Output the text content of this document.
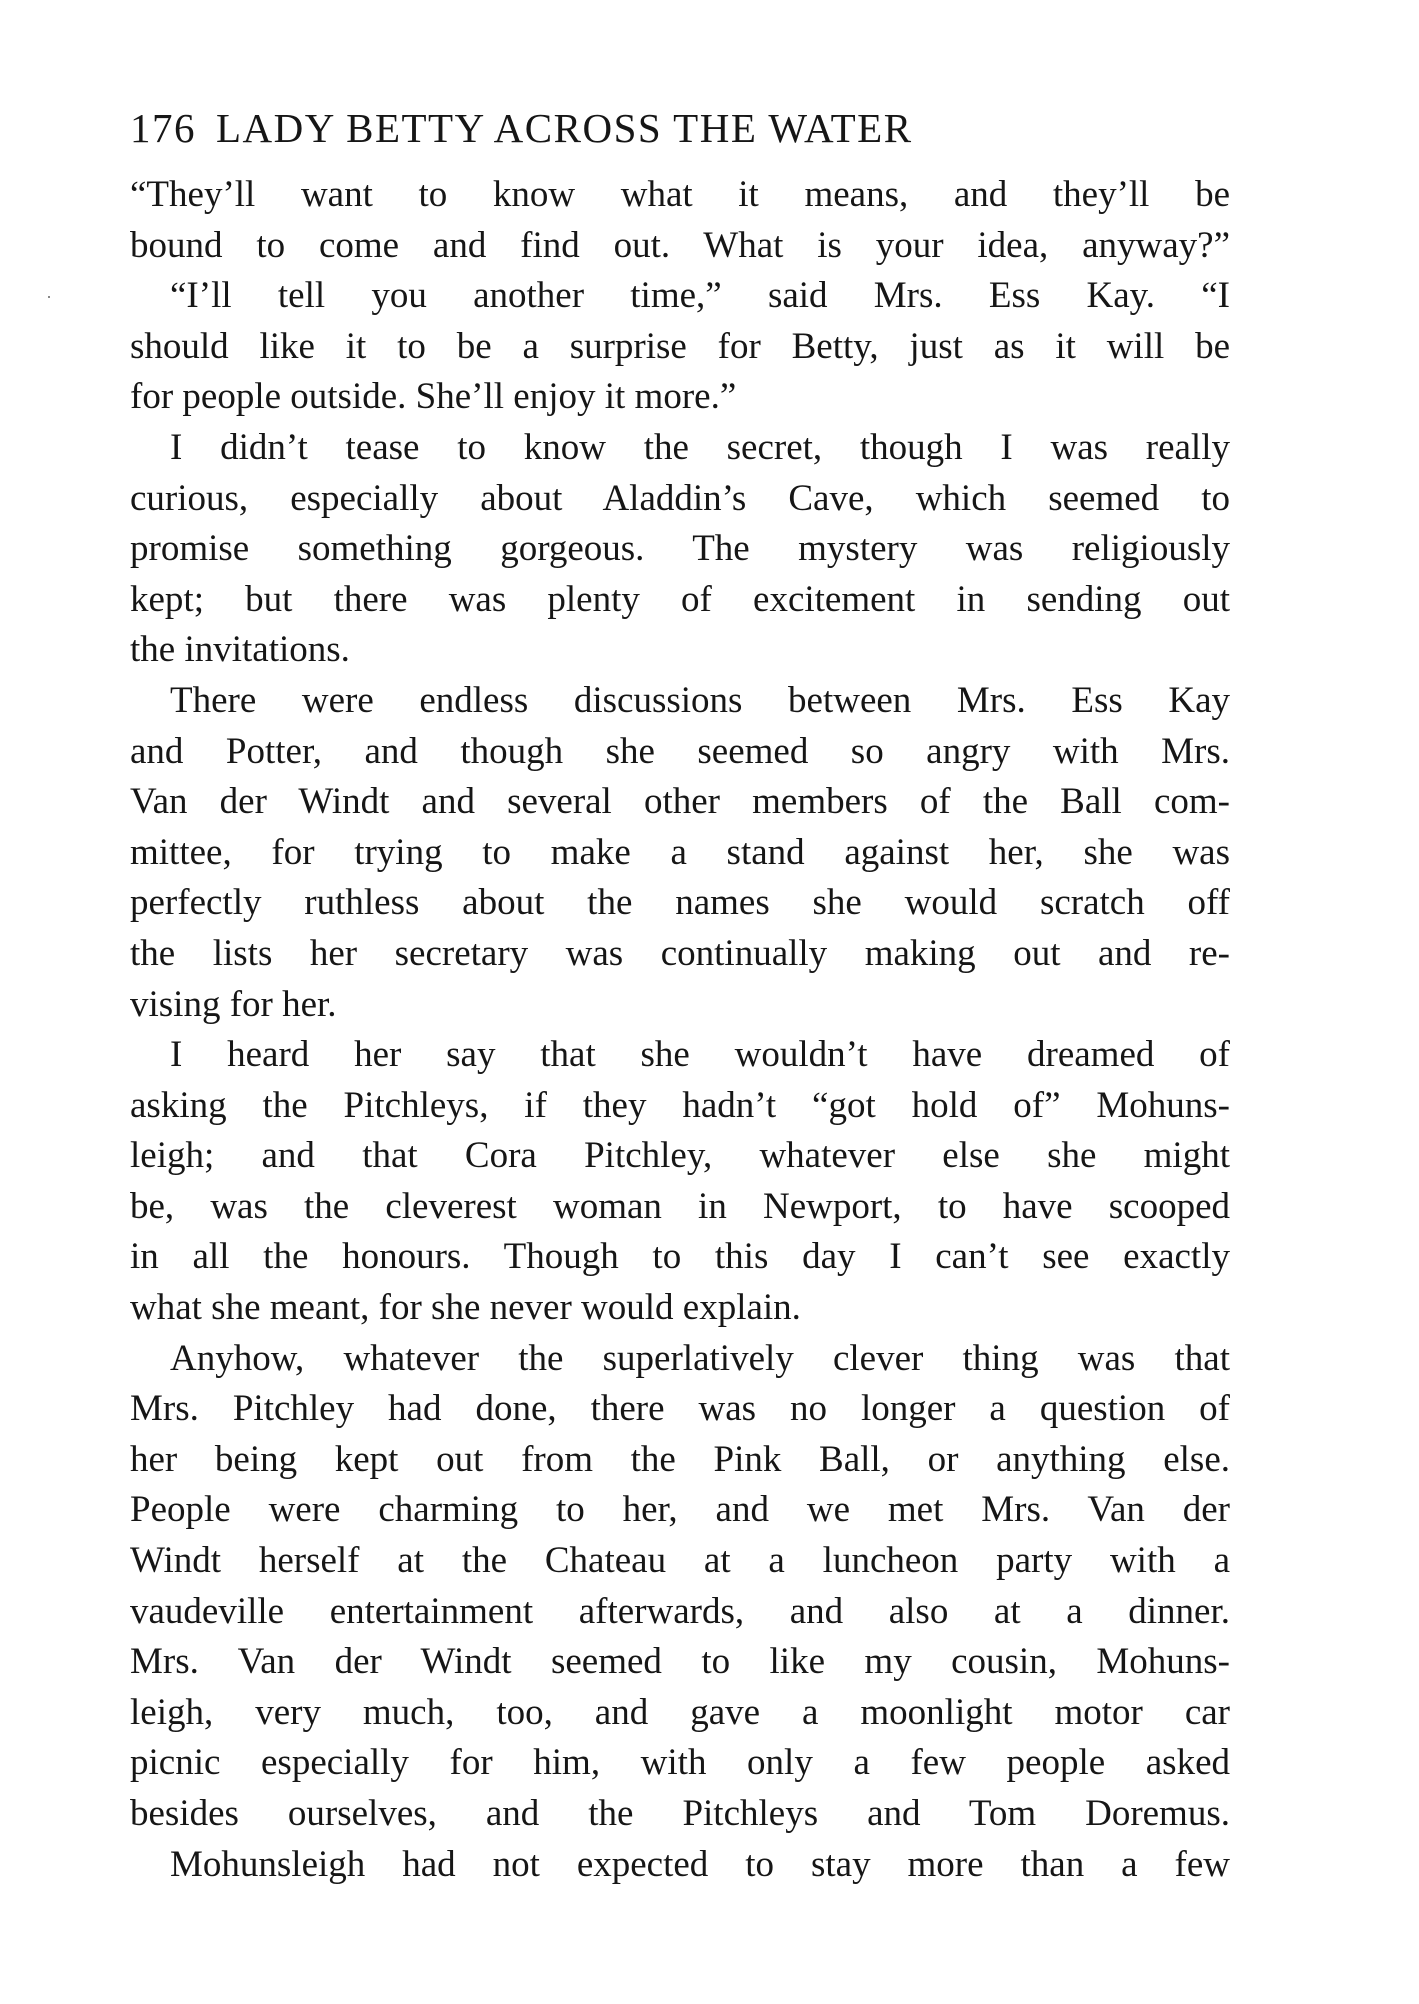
176 LADY BETTY ACROSS THE WATER
“They’ll want to know what it means, and they’ll be
bound to come and find out. What is your idea, anyway?”
“I’ll tell you another time,” said Mrs. Ess Kay. “I
should like it to be a surprise for Betty, just as it will be
for people outside. She’ll enjoy it more.”
I didn’t tease to know the secret, though I was really
curious, especially about Aladdin’s Cave, which seemed to
promise something gorgeous. The mystery was religiously
kept; but there was plenty of excitement in sending out
the invitations.
There were endless discussions between Mrs. Ess Kay
and Potter, and though she seemed so angry with Mrs.
Van der Windt and several other members of the Ball com-
mittee, for trying to make a stand against her, she was
perfectly ruthless about the names she would scratch off
the lists her secretary was continually making out and re-
vising for her.
I heard her say that she wouldn’t have dreamed of
asking the Pitchleys, if they hadn’t “got hold of” Mohuns-
leigh; and that Cora Pitchley, whatever else she might
be, was the cleverest woman in Newport, to have scooped
in all the honours. Though to this day I can’t see exactly
what she meant, for she never would explain.
Anyhow, whatever the superlatively clever thing was that
Mrs. Pitchley had done, there was no longer a question of
her being kept out from the Pink Ball, or anything else.
People were charming to her, and we met Mrs. Van der
Windt herself at the Chateau at a luncheon party with a
vaudeville entertainment afterwards, and also at a dinner.
Mrs. Van der Windt seemed to like my cousin, Mohuns-
leigh, very much, too, and gave a moonlight motor car
picnic especially for him, with only a few people asked
besides ourselves, and the Pitchleys and Tom Doremus.
Mohunsleigh had not expected to stay more than a few
